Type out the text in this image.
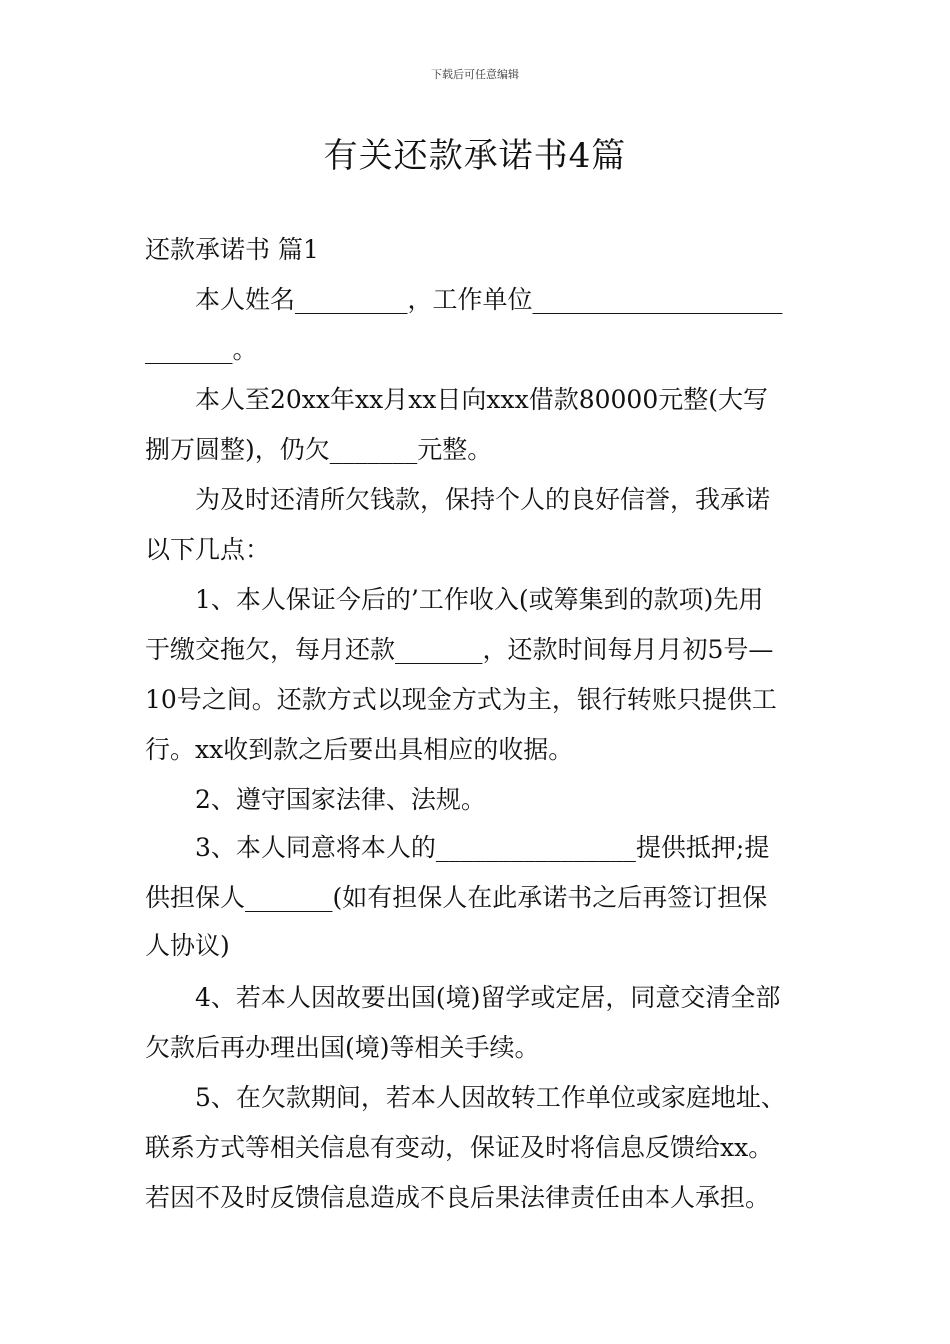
下载后可任意编辑
有关还款承诺书4篇
还款承诺书 篇1
本人姓名_________，工作单位____________________
_______。
本人至20xx年xx月xx日向xxx借款80000元整(大写
捌万圆整)，仍欠_______元整。
为及时还清所欠钱款，保持个人的良好信誉，我承诺
以下几点：
1、本人保证今后的’工作收入(或筹集到的款项)先用
于缴交拖欠，每月还款_______，还款时间每月月初5号—
10号之间。还款方式以现金方式为主，银行转账只提供工
行。xx收到款之后要出具相应的收据。
2、遵守国家法律、法规。
3、本人同意将本人的________________提供抵押;提
供担保人_______(如有担保人在此承诺书之后再签订担保
人协议)
4、若本人因故要出国(境)留学或定居，同意交清全部
欠款后再办理出国(境)等相关手续。
5、在欠款期间，若本人因故转工作单位或家庭地址、
联系方式等相关信息有变动，保证及时将信息反馈给xx。
若因不及时反馈信息造成不良后果法律责任由本人承担。
